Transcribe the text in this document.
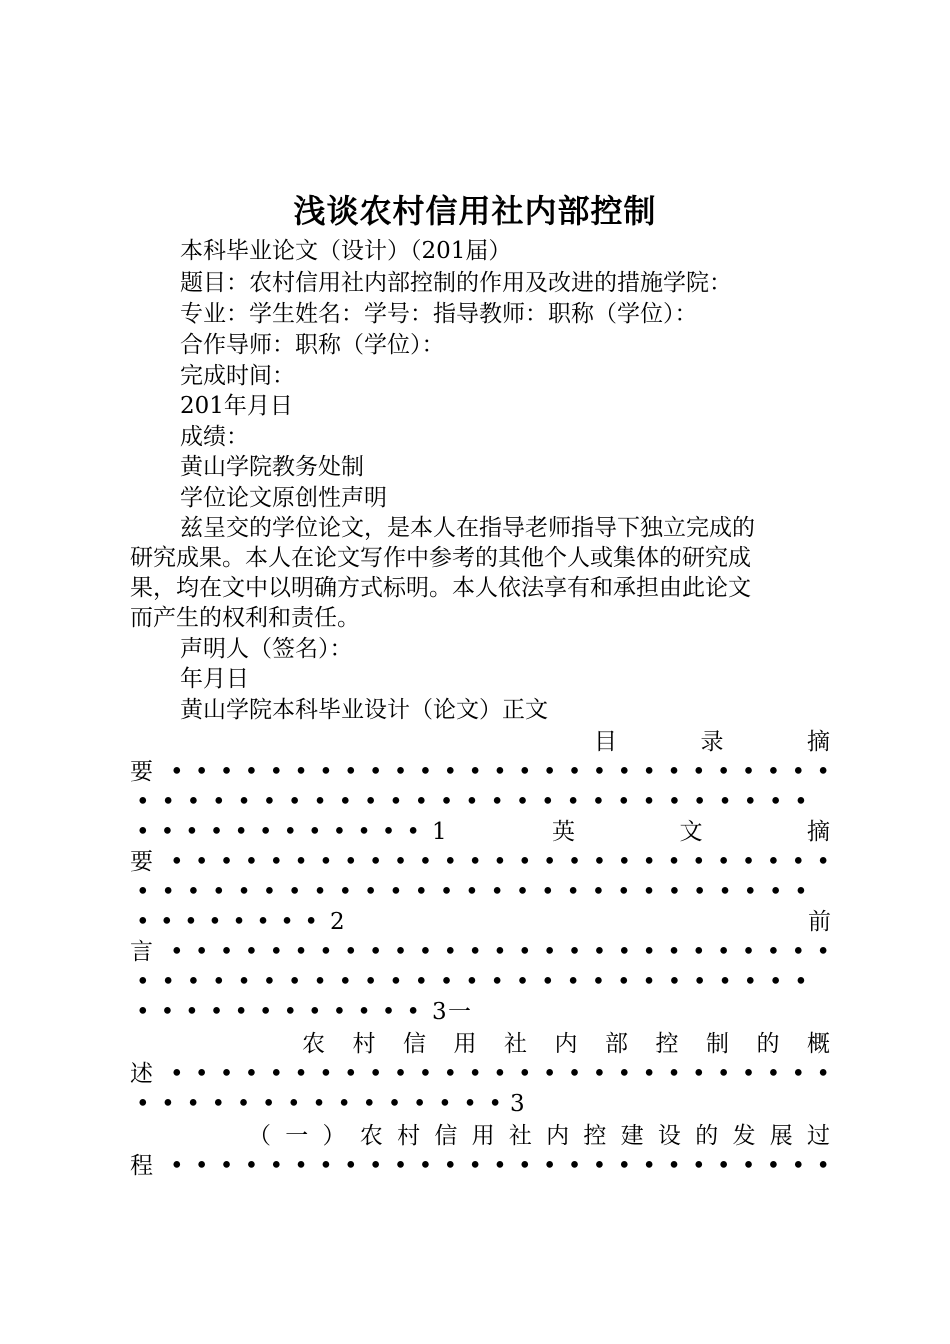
浅谈农村信用社内部控制
本科毕业论文（设计）（201届）
题目：农村信用社内部控制的作用及改进的措施学院：
专业：学生姓名：学号：指导教师：职称（学位）：
合作导师：职称（学位）：
完成时间：
201年月日
成绩：
黄山学院教务处制
学位论文原创性声明
兹呈交的学位论文，是本人在指导老师指导下独立完成的
研究成果。本人在论文写作中参考的其他个人或集体的研究成
果，均在文中以明确方式标明。本人依法享有和承担由此论文
而产生的权利和责任。
声明人（签名）：
年月日
黄山学院本科毕业设计（论文）正文
目	录	摘
要 • • • • • • • • • • • • • • • • • • • • • • • • • • •
• • • • • • • • • • • • • • • • • • • • • • • • • • •
• • • • • • • • • • • • 1	英	文	摘
要 • • • • • • • • • • • • • • • • • • • • • • • • • • •
• • • • • • • • • • • • • • • • • • • • • • • • • • •
• • • • • • • • 2	前
言 • • • • • • • • • • • • • • • • • • • • • • • • • • •
• • • • • • • • • • • • • • • • • • • • • • • • • • •
• • • • • • • • • • • • 3 一
农 村 信 用 社 内 部 控 制 的 概
述 • • • • • • • • • • • • • • • • • • • • • • • • • • •
• • • • • • • • • • • • • • • 3
（ 一 ） 农 村 信 用 社 内 控 建 设 的 发 展 过
程 • • • • • • • • • • • • • • • • • • • • • • • • • • •
